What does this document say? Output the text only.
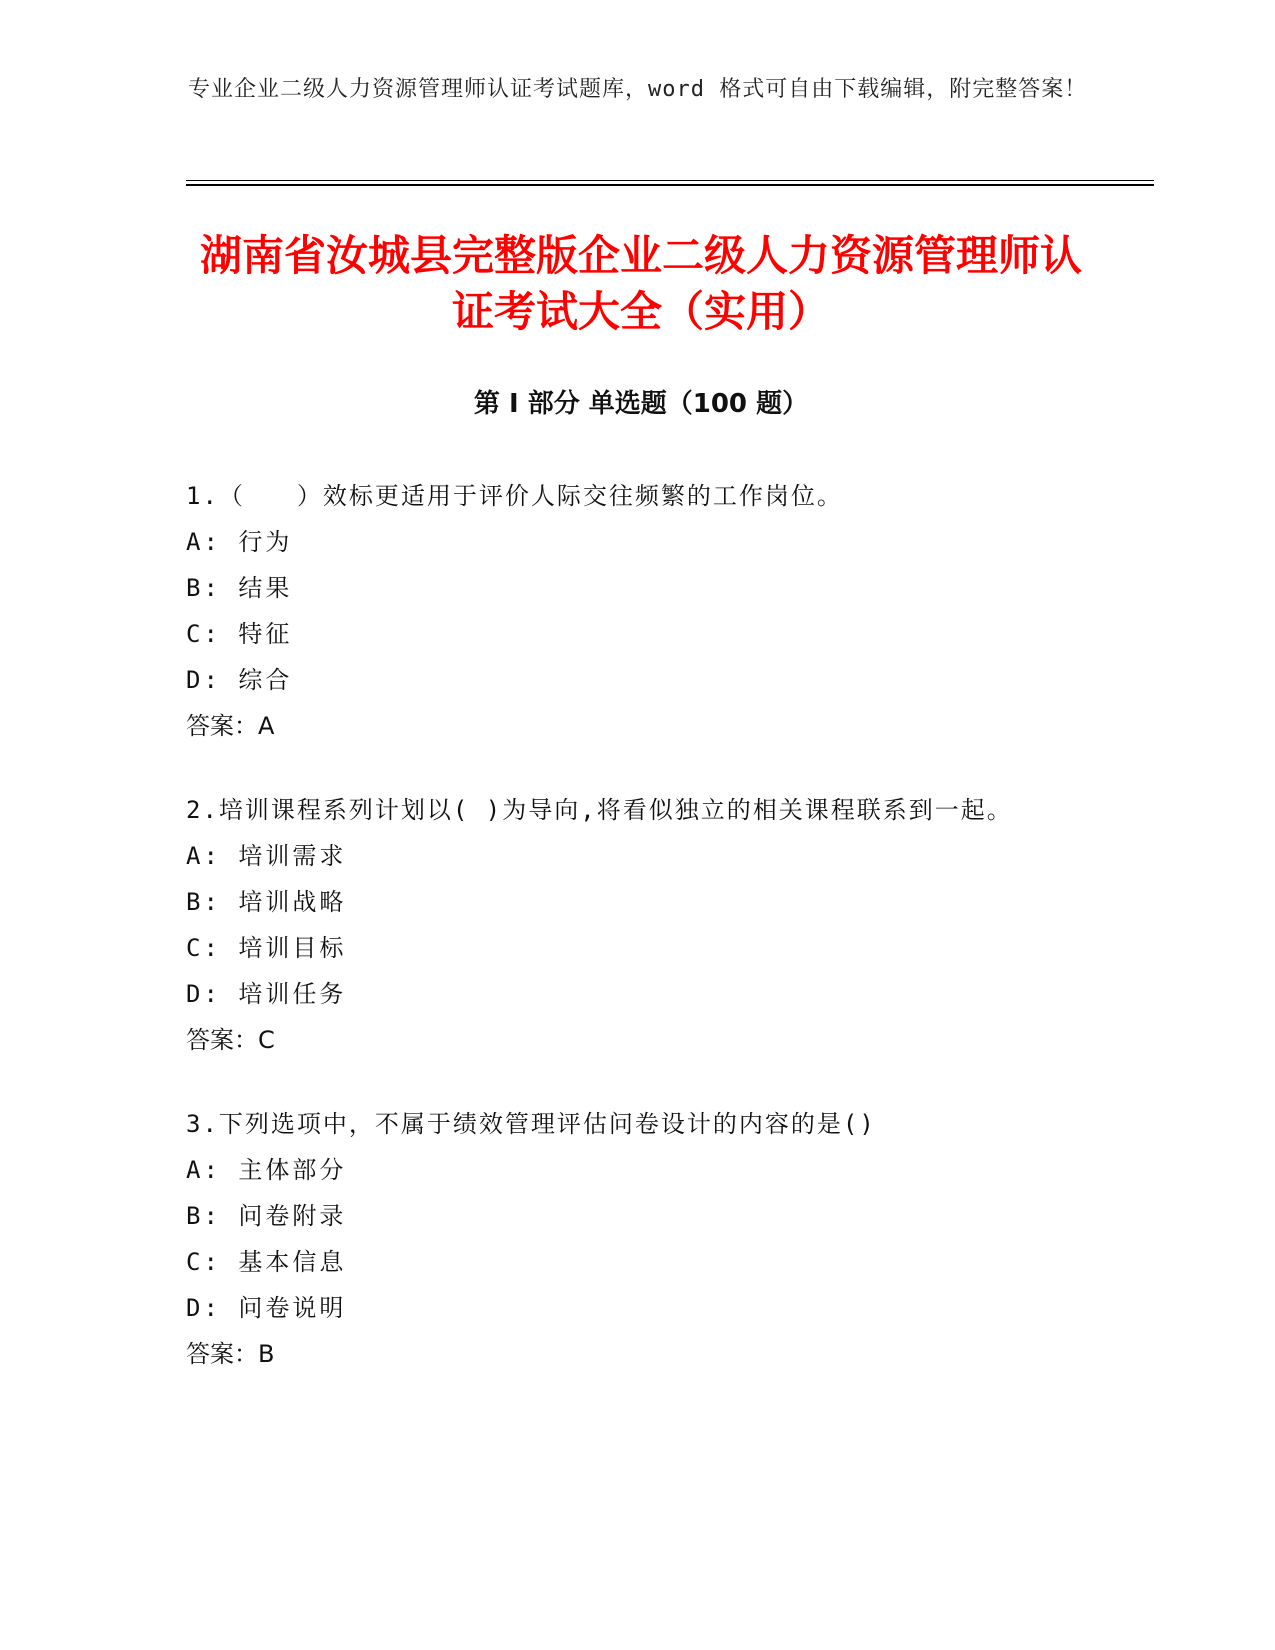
专业企业二级人力资源管理师认证考试题库，word 格式可自由下载编辑，附完整答案！
湖南省汝城县完整版企业二级人力资源管理师认证考试大全（实用）
第 I 部分 单选题（100 题）
1.（　　）效标更适用于评价人际交往频繁的工作岗位。
A: 行为
B: 结果
C: 特征
D: 综合
答案：A
2.培训课程系列计划以( )为导向,将看似独立的相关课程联系到一起。
A: 培训需求
B: 培训战略
C: 培训目标
D: 培训任务
答案：C
3.下列选项中，不属于绩效管理评估问卷设计的内容的是()
A: 主体部分
B: 问卷附录
C: 基本信息
D: 问卷说明
答案：B
